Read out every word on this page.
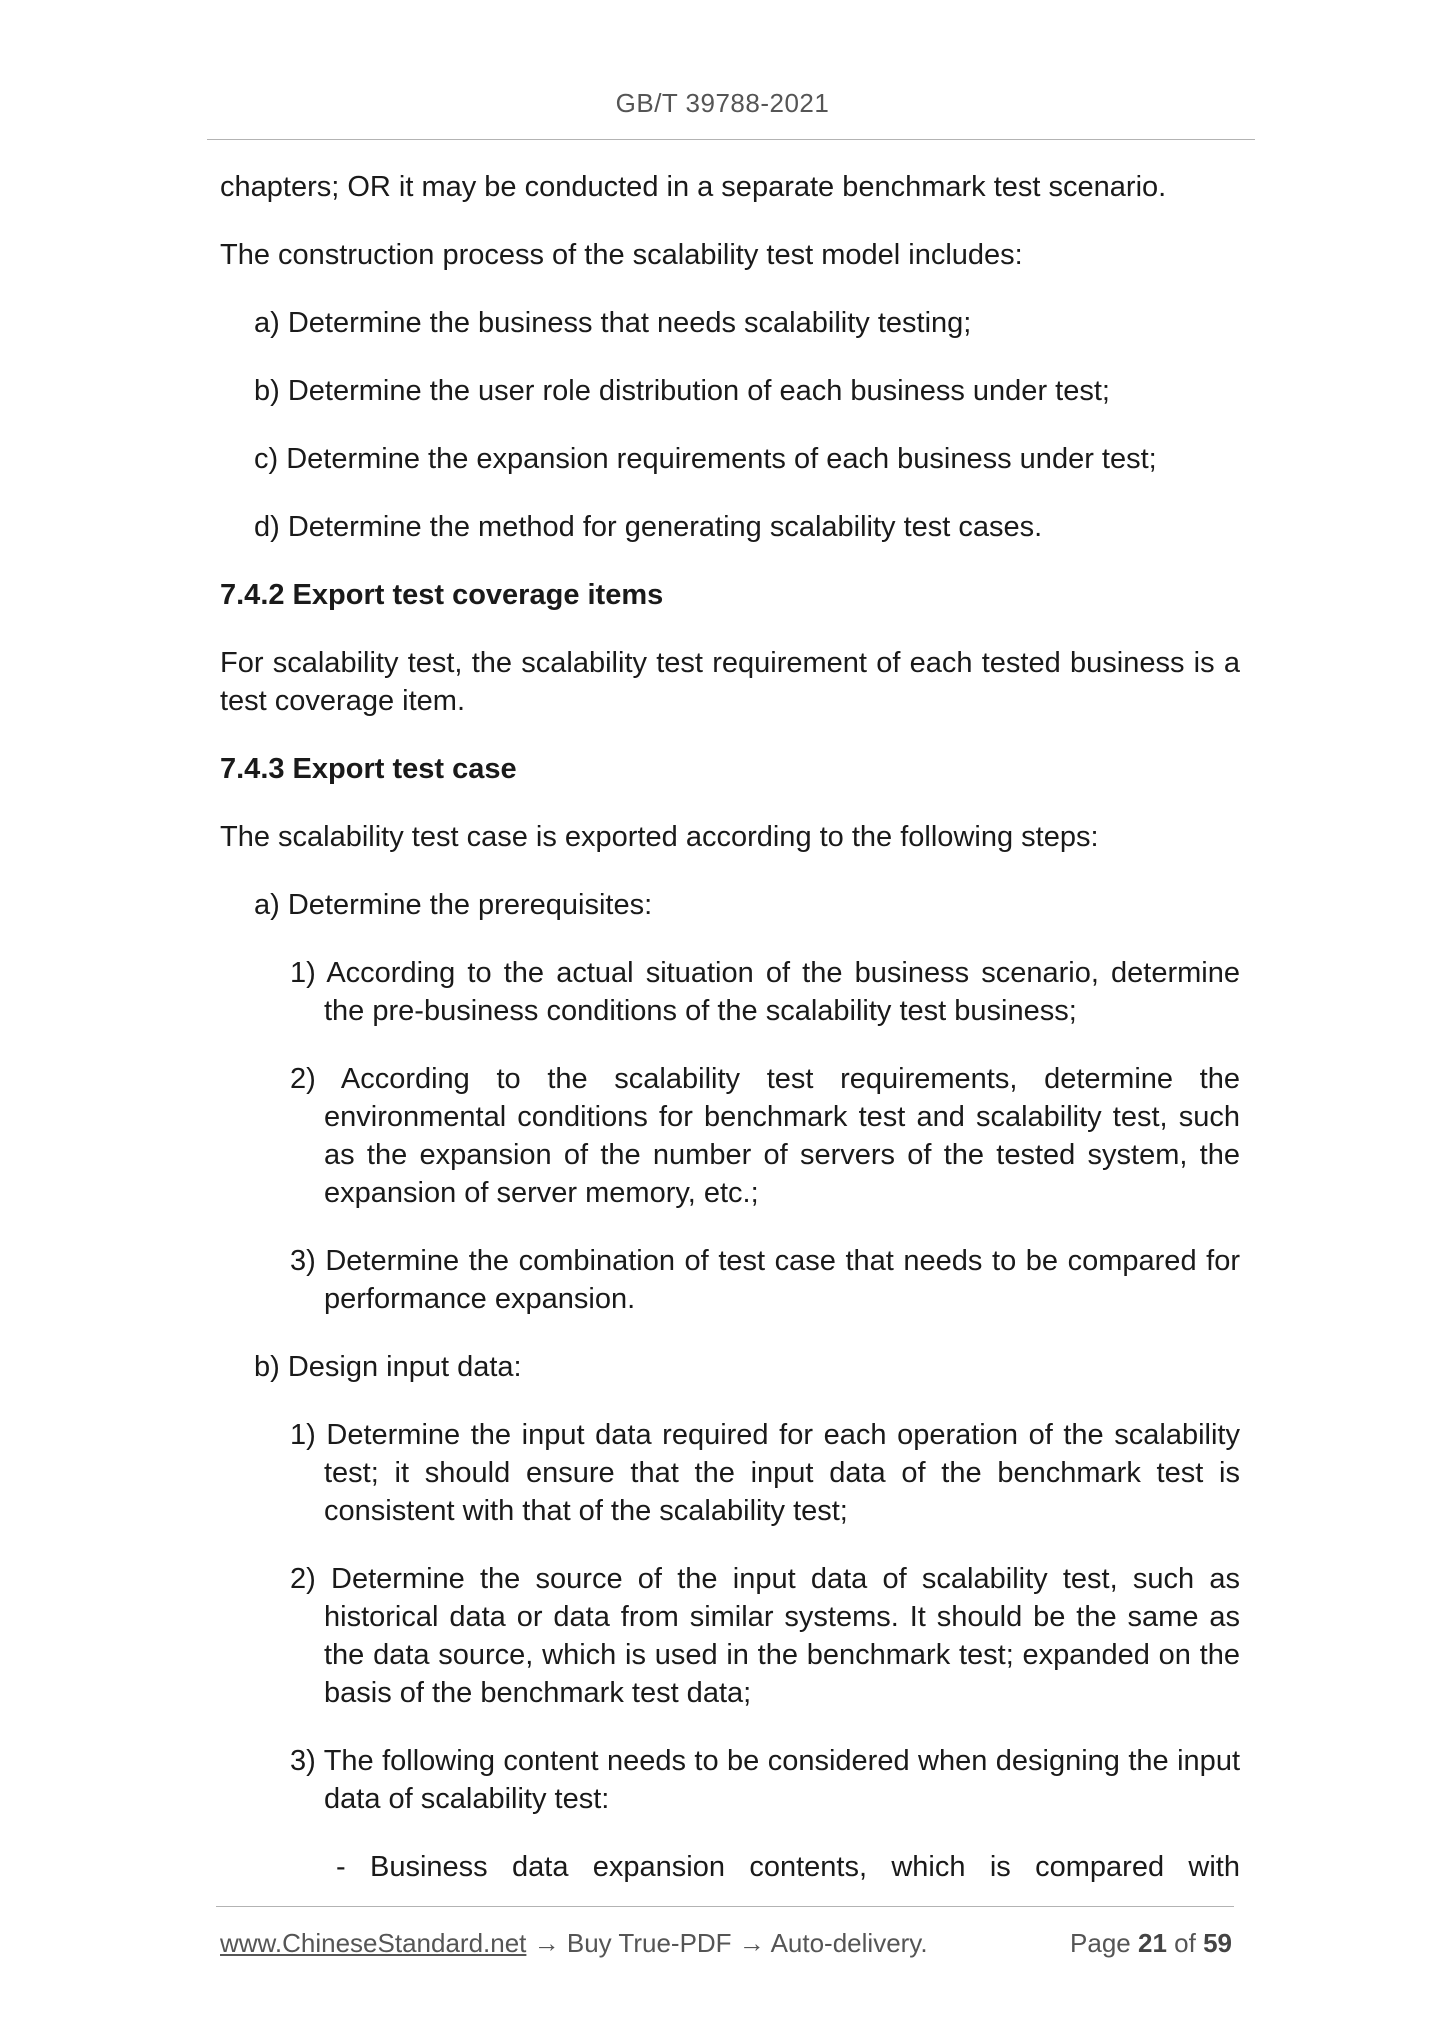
GB/T 39788-2021

chapters; OR it may be conducted in a separate benchmark test scenario.

The construction process of the scalability test model includes:

a) Determine the business that needs scalability testing;

b) Determine the user role distribution of each business under test;

c) Determine the expansion requirements of each business under test;

d) Determine the method for generating scalability test cases.

7.4.2 Export test coverage items

For scalability test, the scalability test requirement of each tested business is a test coverage item.

7.4.3 Export test case

The scalability test case is exported according to the following steps:

a) Determine the prerequisites:

1) According to the actual situation of the business scenario, determine the pre-business conditions of the scalability test business;

2) According to the scalability test requirements, determine the environmental conditions for benchmark test and scalability test, such as the expansion of the number of servers of the tested system, the expansion of server memory, etc.;

3) Determine the combination of test case that needs to be compared for performance expansion.

b) Design input data:

1) Determine the input data required for each operation of the scalability test; it should ensure that the input data of the benchmark test is consistent with that of the scalability test;

2) Determine the source of the input data of scalability test, such as historical data or data from similar systems. It should be the same as the data source, which is used in the benchmark test; expanded on the basis of the benchmark test data;

3) The following content needs to be considered when designing the input data of scalability test:

- Business data expansion contents, which is compared with

www.ChineseStandard.net → Buy True-PDF → Auto-delivery.	Page 21 of 59
